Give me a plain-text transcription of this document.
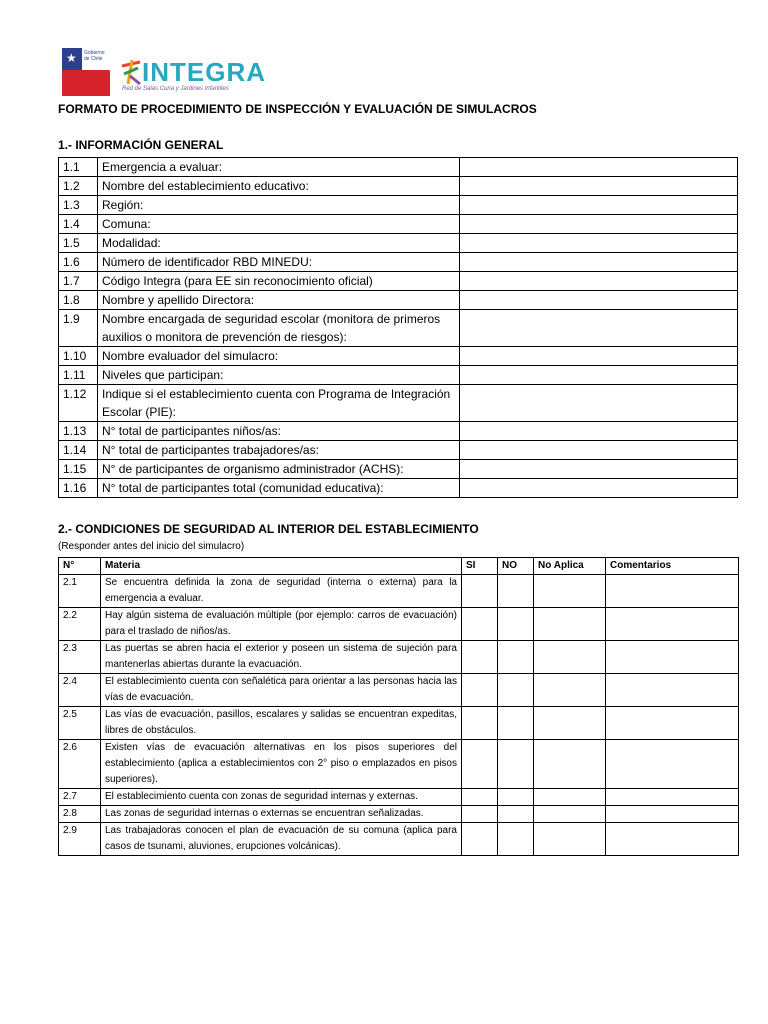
★ Gobierno de Chile INTEGRA
Red de Salas Cuna y Jardines Infantiles
FORMATO DE PROCEDIMIENTO DE INSPECCIÓN Y EVALUACIÓN DE SIMULACROS
1.- INFORMACIÓN GENERAL
1.1	Emergencia a evaluar:	
1.2	Nombre del establecimiento educativo:	
1.3	Región:	
1.4	Comuna:	
1.5	Modalidad:	
1.6	Número de identificador RBD MINEDU:	
1.7	Código Integra (para EE sin reconocimiento oficial)	
1.8	Nombre y apellido Directora:	
1.9	Nombre encargada de seguridad escolar (monitora de primeros auxilios o monitora de prevención de riesgos):	
1.10	Nombre evaluador del simulacro:	
1.11	Niveles que participan:	
1.12	Indique si el establecimiento cuenta con Programa de Integración Escolar (PIE):	
1.13	N° total de participantes niños/as:	
1.14	N° total de participantes trabajadores/as:	
1.15	N° de participantes de organismo administrador (ACHS):	
1.16	N° total de participantes total (comunidad educativa):	
2.- CONDICIONES DE SEGURIDAD AL INTERIOR DEL ESTABLECIMIENTO
(Responder antes del inicio del simulacro)
N°	Materia	SI	NO	No Aplica	Comentarios
2.1	Se encuentra definida la zona de seguridad (interna o externa) para la emergencia a evaluar.				
2.2	Hay algún sistema de evaluación múltiple (por ejemplo: carros de evacuación) para el traslado de niños/as.				
2.3	Las puertas se abren hacia el exterior y poseen un sistema de sujeción para mantenerlas abiertas durante la evacuación.				
2.4	El establecimiento cuenta con señalética para orientar a las personas hacia las vías de evacuación.				
2.5	Las vías de evacuación, pasillos, escalares y salidas se encuentran expeditas, libres de obstáculos.				
2.6	Existen vías de evacuación alternativas en los pisos superiores del establecimiento (aplica a establecimientos con 2° piso o emplazados en pisos superiores).				
2.7	El establecimiento cuenta con zonas de seguridad internas y externas.				
2.8	Las zonas de seguridad internas o externas se encuentran señalizadas.				
2.9	Las trabajadoras conocen el plan de evacuación de su comuna (aplica para casos de tsunami, aluviones, erupciones volcánicas).				
